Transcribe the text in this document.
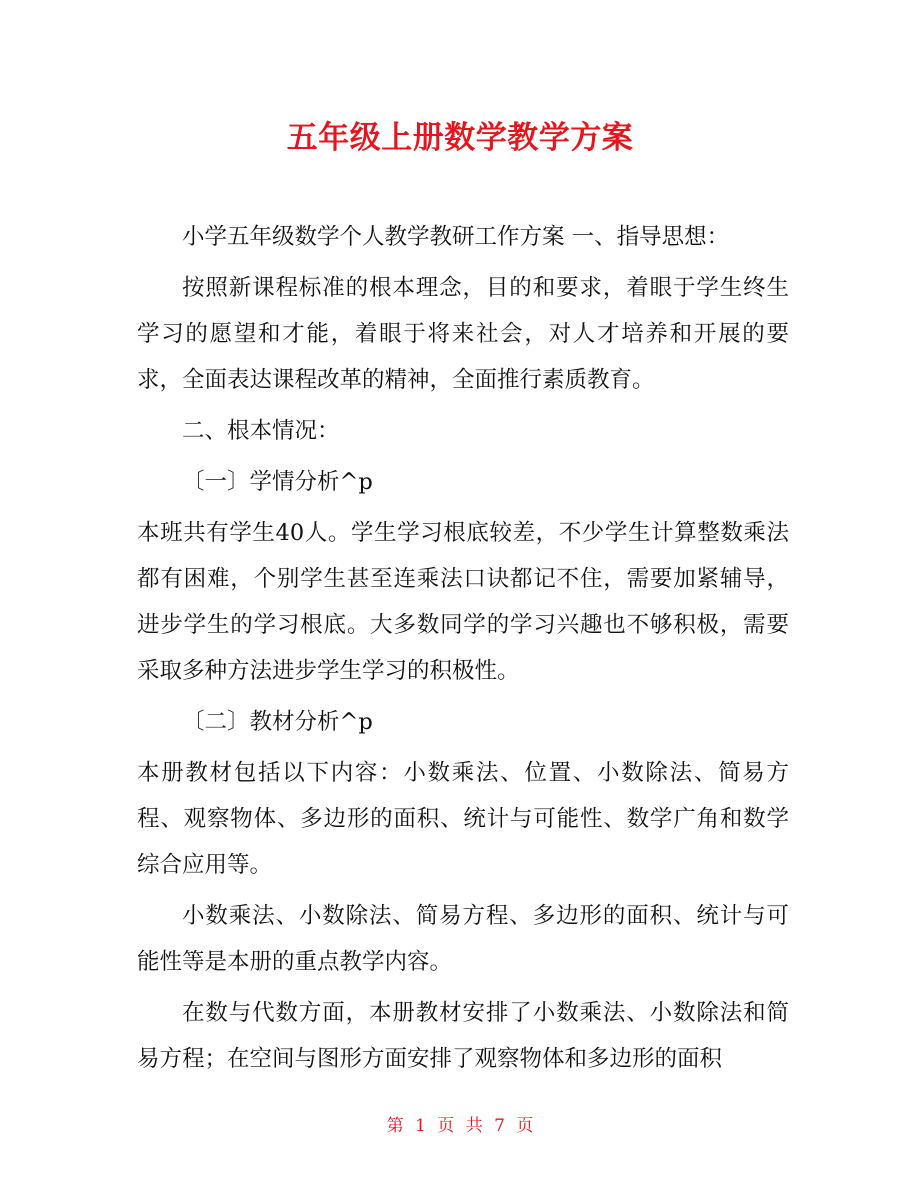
五年级上册数学教学方案

小学五年级数学个人教学教研工作方案 一、指导思想：

按照新课程标准的根本理念，目的和要求，着眼于学生终生学习的愿望和才能，着眼于将来社会，对人才培养和开展的要求，全面表达课程改革的精神，全面推行素质教育。

二、根本情况：

〔一〕学情分析^p

本班共有学生40人。学生学习根底较差，不少学生计算整数乘法都有困难，个别学生甚至连乘法口诀都记不住，需要加紧辅导，进步学生的学习根底。大多数同学的学习兴趣也不够积极，需要采取多种方法进步学生学习的积极性。

〔二〕教材分析^p

本册教材包括以下内容：小数乘法、位置、小数除法、简易方程、观察物体、多边形的面积、统计与可能性、数学广角和数学综合应用等。

小数乘法、小数除法、简易方程、多边形的面积、统计与可能性等是本册的重点教学内容。

在数与代数方面，本册教材安排了小数乘法、小数除法和简易方程；在空间与图形方面安排了观察物体和多边形的面积

第 1 页 共 7 页
